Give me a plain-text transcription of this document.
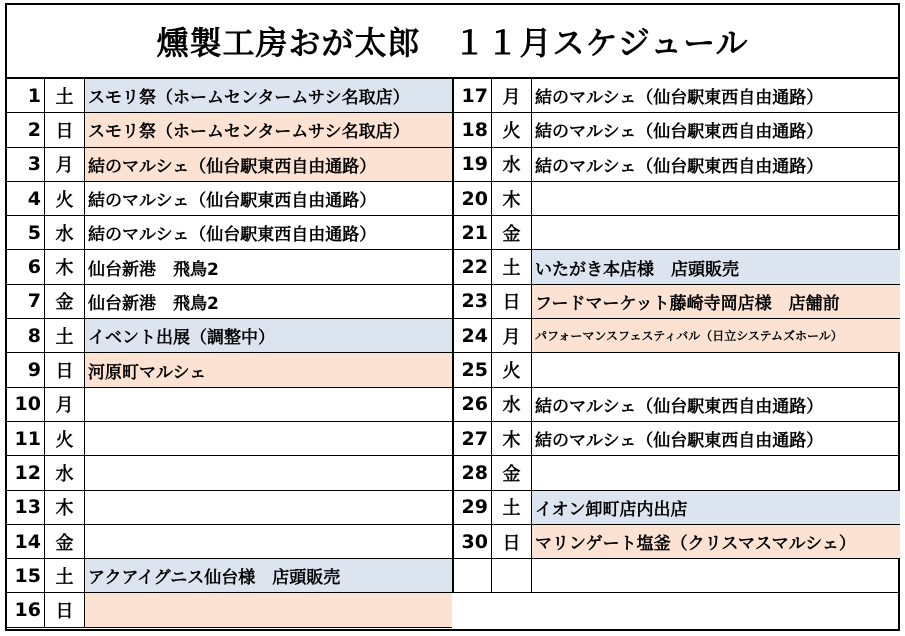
燻製工房おが太郎　１１月スケジュール
1 土 スモリ祭（ホームセンタームサシ名取店）
2 日 スモリ祭（ホームセンタームサシ名取店）
3 月 結のマルシェ（仙台駅東西自由通路）
4 火 結のマルシェ（仙台駅東西自由通路）
5 水 結のマルシェ（仙台駅東西自由通路）
6 木 仙台新港　飛鳥2
7 金 仙台新港　飛鳥2
8 土 イベント出展（調整中）
9 日 河原町マルシェ
10 月
11 火
12 水
13 木
14 金
15 土 アクアイグニス仙台様　店頭販売
16 日
17 月 結のマルシェ（仙台駅東西自由通路）
18 火 結のマルシェ（仙台駅東西自由通路）
19 水 結のマルシェ（仙台駅東西自由通路）
20 木
21 金
22 土 いたがき本店様　店頭販売
23 日 フードマーケット藤崎寺岡店様　店舗前
24 月	パフォーマンスフェスティバル（日立システムズホール）
25 火
26 水 結のマルシェ（仙台駅東西自由通路）
27 木 結のマルシェ（仙台駅東西自由通路）
28 金
29 土 イオン卸町店内出店
30 日 マリンゲート塩釜（クリスマスマルシェ）
